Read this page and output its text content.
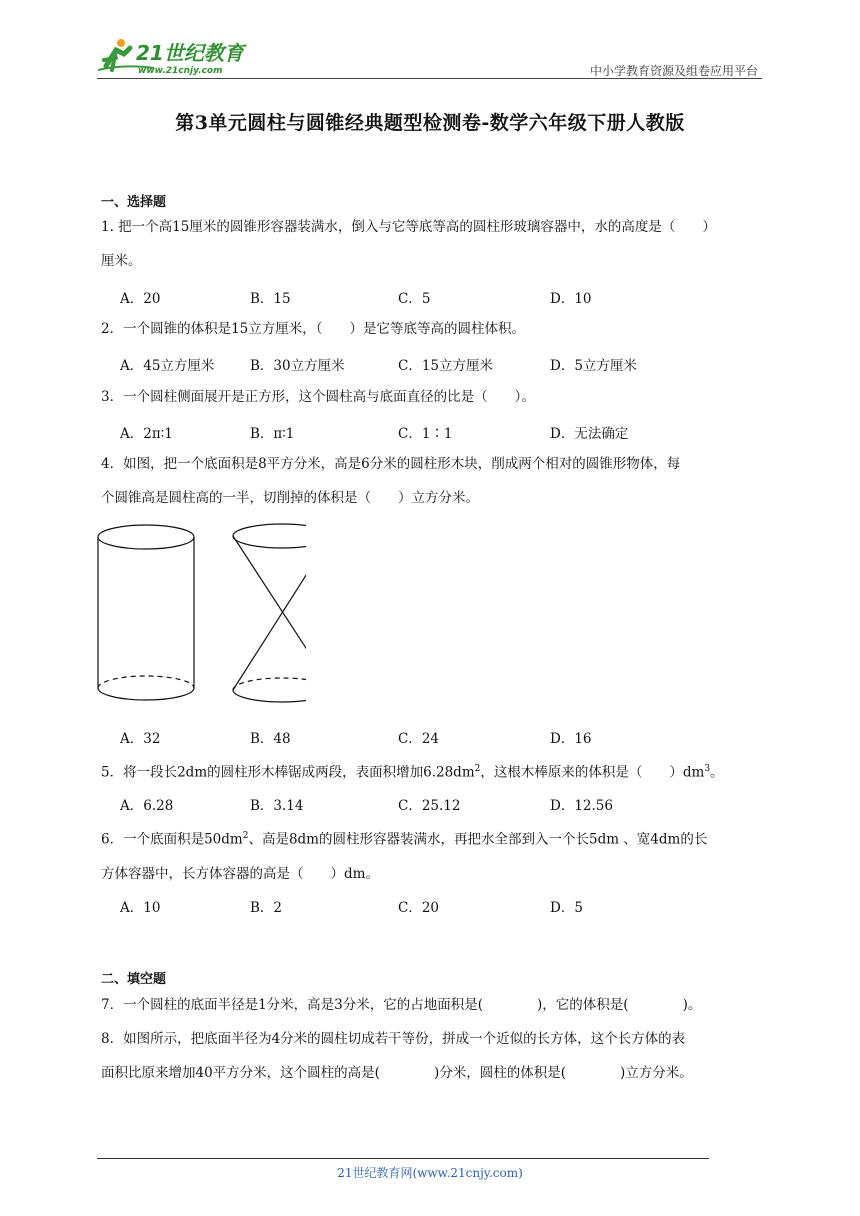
21世纪教育
www.21cnjy.com	中小学教育资源及组卷应用平台
第3单元圆柱与圆锥经典题型检测卷-数学六年级下册人教版
一、选择题
1. 把一个高15厘米的圆锥形容器装满水，倒入与它等底等高的圆柱形玻璃容器中，水的高度是（　　）
厘米。
A．20	B．15	C．5	D．10
2．一个圆锥的体积是15立方厘米，（　　）是它等底等高的圆柱体积。
A．45立方厘米	B．30立方厘米	C．15立方厘米	D．5立方厘米
3．一个圆柱侧面展开是正方形，这个圆柱高与底面直径的比是（　　）。
A．2π∶1	B．π∶1	C．1∶1	D．无法确定
4．如图，把一个底面积是8平方分米，高是6分米的圆柱形木块，削成两个相对的圆锥形物体，每
个圆锥高是圆柱高的一半，切削掉的体积是（　　）立方分米。
A．32	B．48	C．24	D．16
5．将一段长2dm的圆柱形木棒锯成两段，表面积增加$6.28dm^2$，这根木棒原来的体积是（　　）$dm^3$。
A．6.28	B．3.14	C．25.12	D．12.56
6．一个底面积是$50dm^2$、高是8dm的圆柱形容器装满水，再把水全部到入一个长5dm 、宽4dm的长
方体容器中，长方体容器的高是（　　）dm。
A．10	B．2	C．20	D．5
二、填空题
7．一个圆柱的底面半径是1分米，高是3分米，它的占地面积是(　　　　)，它的体积是(　　　　)。
8．如图所示，把底面半径为4分米的圆柱切成若干等份，拼成一个近似的长方体，这个长方体的表
面积比原来增加40平方分米，这个圆柱的高是(　　　　)分米，圆柱的体积是(　　　　)立方分米。
21世纪教育网(www.21cnjy.com)
